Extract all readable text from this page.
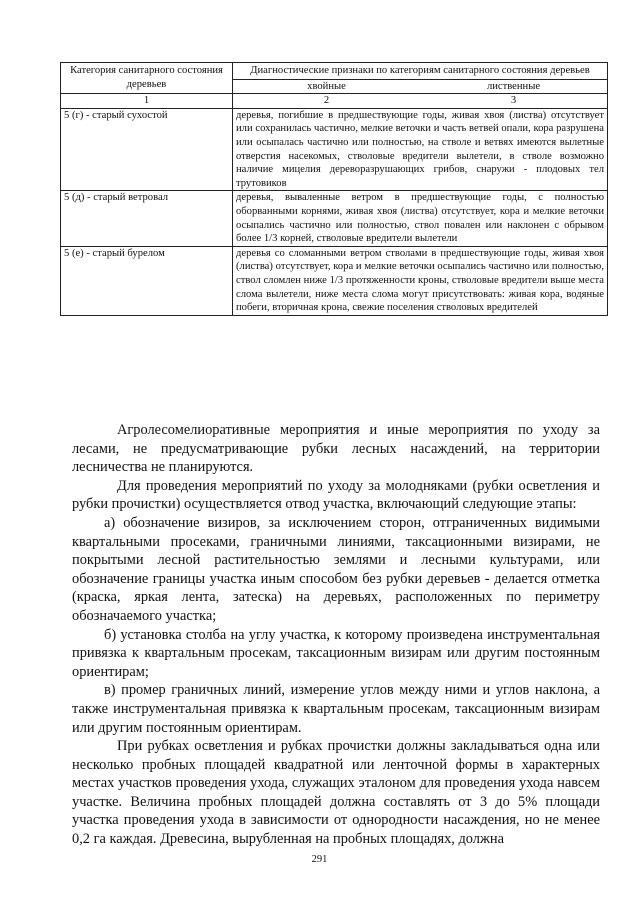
Категория санитарного состояния деревьев	Диагностические признаки по категориям санитарного состояния деревьев

	хвойные лиственные

1	2 3

5 (г) - старый сухостой	деревья, погибшие в предшествующие годы, живая хвоя (листва) отсутствует или сохранилась частично, мелкие веточки и часть ветвей опали, кора разрушена или осыпалась частично или полностью, на стволе и ветвях имеются вылетные отверстия насекомых, стволовые вредители вылетели, в стволе возможно наличие мицелия дереворазрушающих грибов, снаружи - плодовых тел трутовиков
5 (д) - старый ветровал	деревья, вываленные ветром в предшествующие годы, с полностью оборванными корнями, живая хвоя (листва) отсутствует, кора и мелкие веточки осыпались частично или полностью, ствол повален или наклонен с обрывом более 1/3 корней, стволовые вредители вылетели
5 (е) - старый бурелом	деревья со сломанными ветром стволами в предшествующие годы, живая хвоя (листва) отсутствует, кора и мелкие веточки осыпались частично или полностью, ствол сломлен ниже 1/3 протяженности кроны, стволовые вредители выше места слома вылетели, ниже места слома могут присутствовать: живая кора, водяные побеги, вторичная крона, свежие поселения стволовых вредителей

Агролесомелиоративные мероприятия и иные мероприятия по уходу за лесами, не предусматривающие рубки лесных насаждений, на территории лесничества не планируются.

Для проведения мероприятий по уходу за молодняками (рубки осветления и рубки прочистки) осуществляется отвод участка, включающий следующие этапы:

а) обозначение визиров, за исключением сторон, отграниченных видимыми квартальными просеками, граничными линиями, таксационными визирами, не покрытыми лесной растительностью землями и лесными культурами, или обозначение границы участка иным способом без рубки деревьев - делается отметка (краска, яркая лента, затеска) на деревьях, расположенных по периметру обозначаемого участка;

б) установка столба на углу участка, к которому произведена инструментальная привязка к квартальным просекам, таксационным визирам или другим постоянным ориентирам;

в) промер граничных линий, измерение углов между ними и углов наклона, а также инструментальная привязка к квартальным просекам, таксационным визирам или другим постоянным ориентирам.

При рубках осветления и рубках прочистки должны закладываться одна или несколько пробных площадей квадратной или ленточной формы в характерных местах участков проведения ухода, служащих эталоном для проведения ухода навсем участке. Величина пробных площадей должна составлять от 3 до 5% площади участка проведения ухода в зависимости от однородности насаждения, но не менее 0,2 га каждая. Древесина, вырубленная на пробных площадях, должна

291
